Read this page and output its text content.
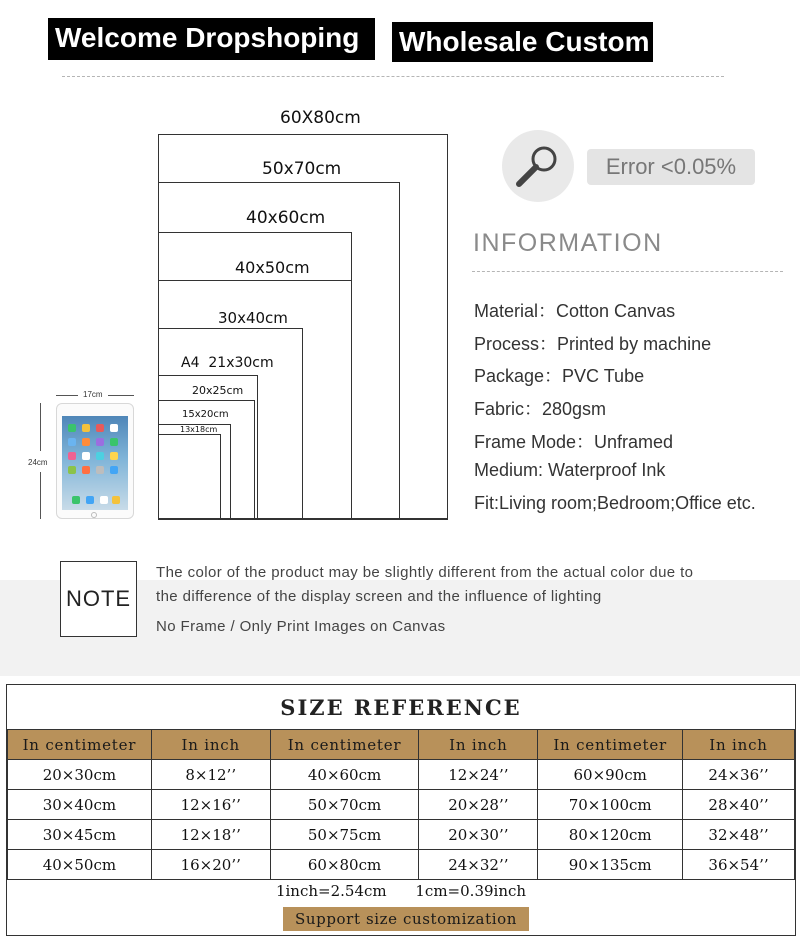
Welcome Dropshoping	Wholesale Custom
60X80cm
50x70cm
40x60cm
40x50cm
30x40cm
A4  21x30cm
20x25cm
15x20cm
13x18cm
17cm
24cm
Error <0.05%
INFORMATION
Material：Cotton Canvas
Process：Printed by machine
Package：PVC Tube
Fabric：280gsm
Frame Mode：Unframed
Medium: Waterproof Ink
Fit:Living room;Bedroom;Office etc.
NOTE
The color of the product may be slightly different from the actual color due to
the difference of the display screen and the influence of lighting
No Frame / Only Print Images on Canvas
SIZE REFERENCE
In centimeter	In inch	In centimeter	In inch	In centimeter	In inch
20×30cm	8×12’’	40×60cm	12×24’’	60×90cm	24×36’’
30×40cm	12×16’’	50×70cm	20×28’’	70×100cm	28×40’’
30×45cm	12×18’’	50×75cm	20×30’’	80×120cm	32×48’’
40×50cm	16×20’’	60×80cm	24×32’’	90×135cm	36×54’’
1inch=2.54cm 1cm=0.39inch
Support size customization
